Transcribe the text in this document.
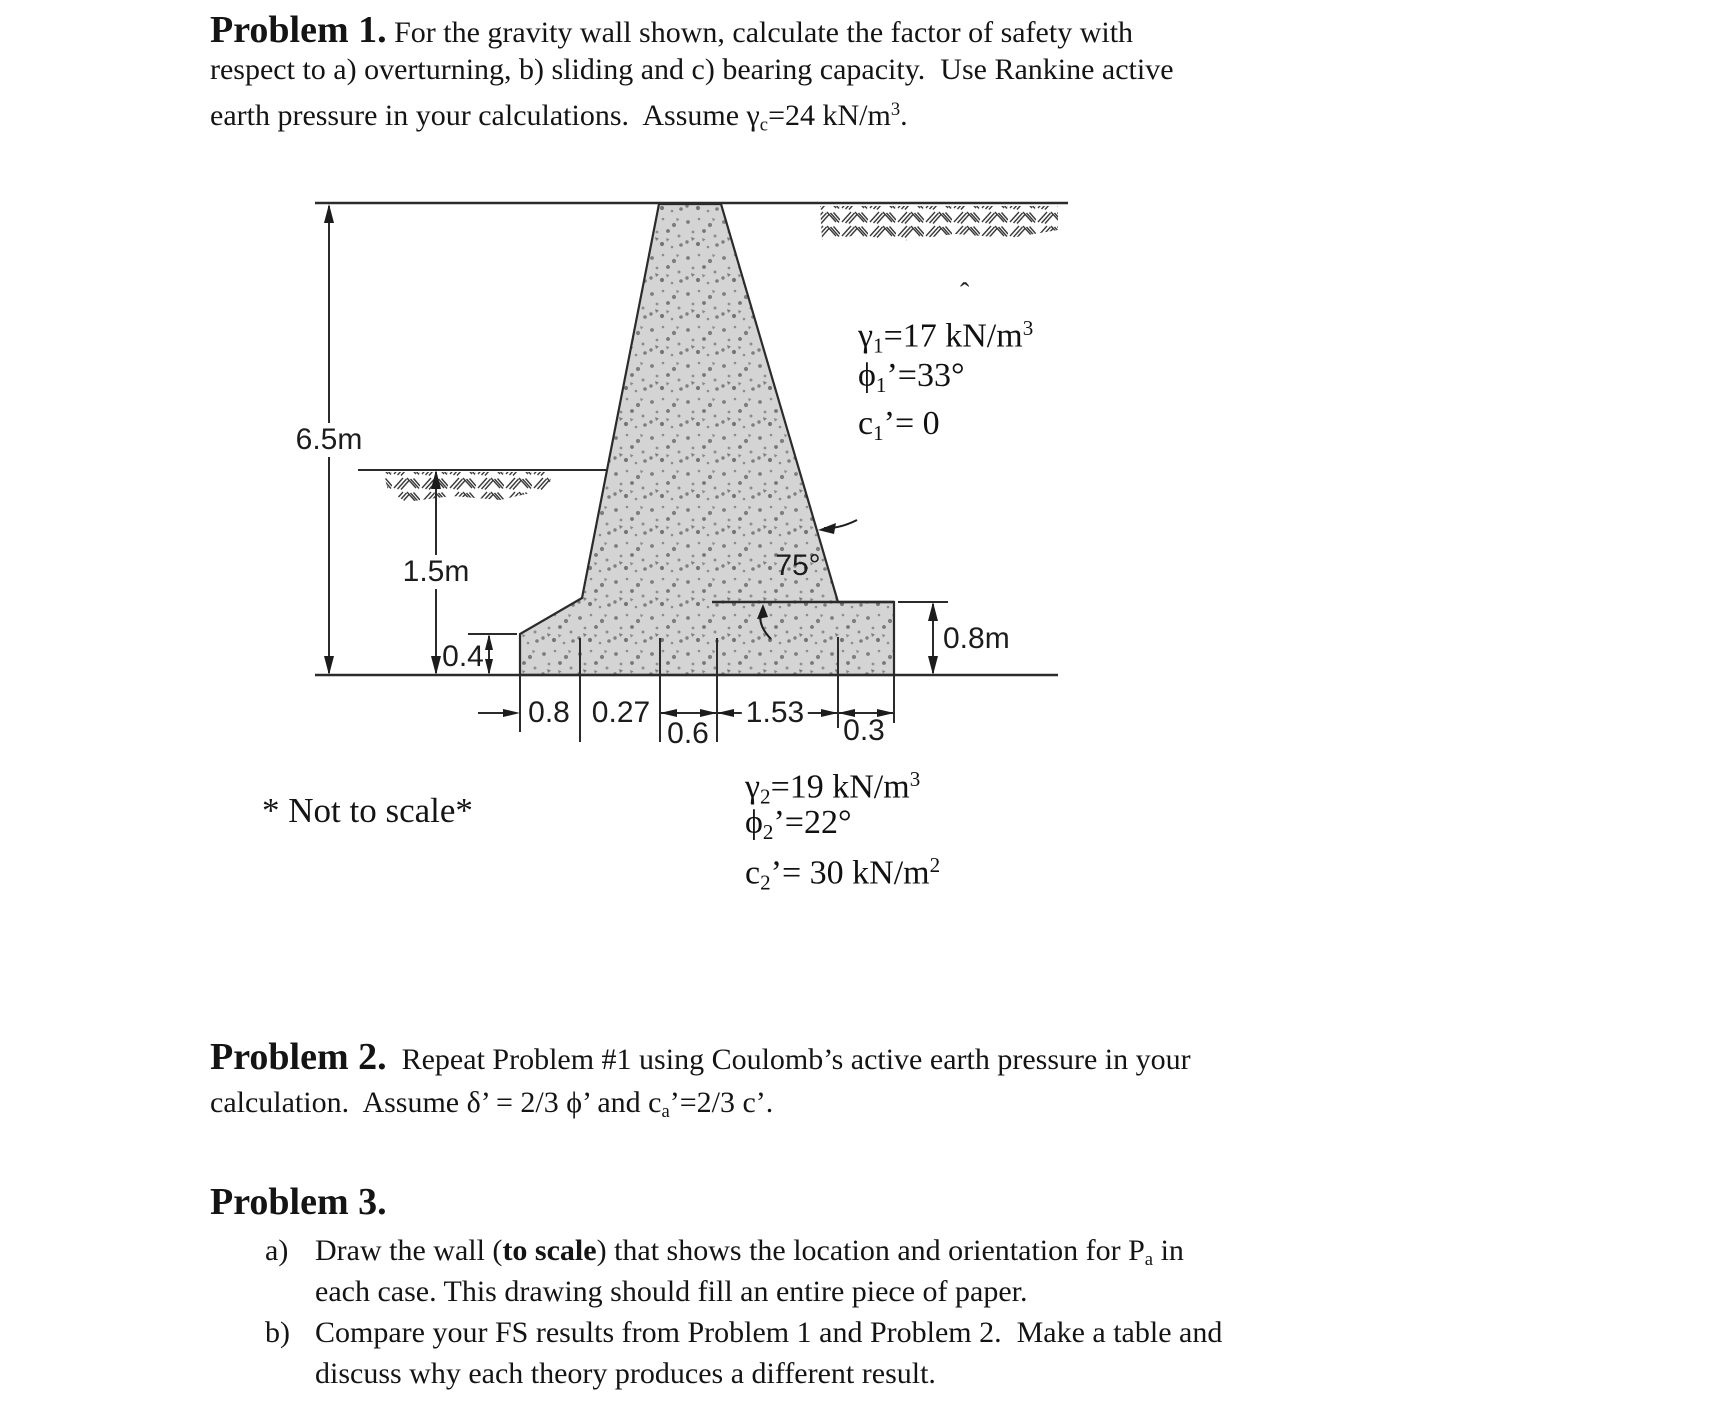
Problem 1. For the gravity wall shown, calculate the factor of safety with
respect to a) overturning, b) sliding and c) bearing capacity.  Use Rankine active
earth pressure in your calculations.  Assume γc=24 $kN/m^3$.
6.5m
1.5m
0.4
75°
0.8m
0.8 0.27
0.6
1.53
0.3
γ1=17 $kN/m^3$
ϕ1’=33°
c1’= 0
γ2=19 $kN/m^3$
ϕ2’=22°
c2’= 30 $kN/m^2$
ˆ
* Not to scale*
Problem 2.  Repeat Problem #1 using Coulomb’s active earth pressure in your
calculation.  Assume δ’ = 2/3 ϕ’ and ca’=2/3 c’.
Problem 3.
a) Draw the wall (to scale) that shows the location and orientation for Pa in
each case. This drawing should fill an entire piece of paper.
b) Compare your FS results from Problem 1 and Problem 2.  Make a table and
discuss why each theory produces a different result.
